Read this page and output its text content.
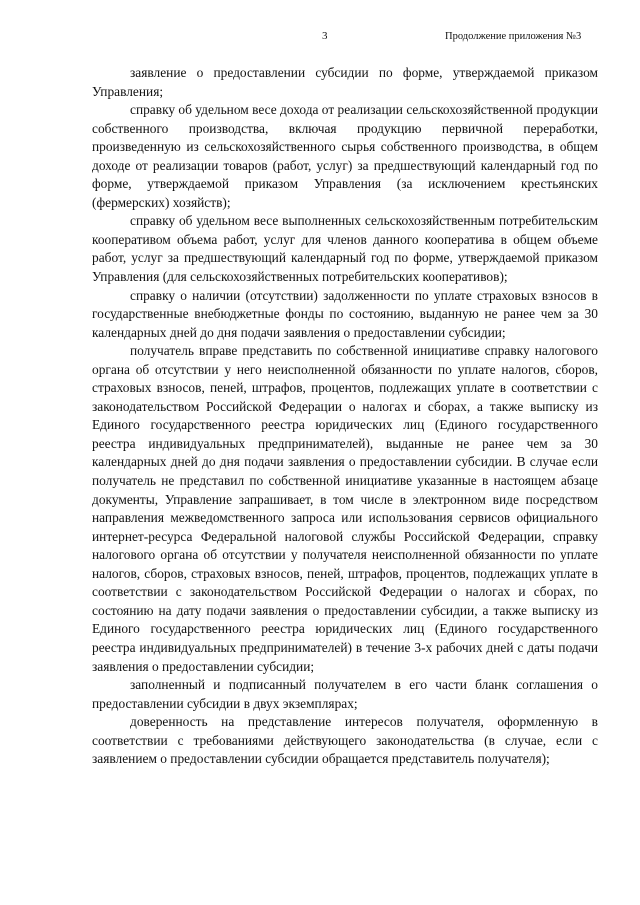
3	Продолжение приложения №3

заявление о предоставлении субсидии по форме, утверждаемой приказом Управления;

справку об удельном весе дохода от реализации сельскохозяйственной продукции собственного производства, включая продукцию первичной переработки, произведенную из сельскохозяйственного сырья собственного производства, в общем доходе от реализации товаров (работ, услуг) за предшествующий календарный год по форме, утверждаемой приказом Управления (за исключением крестьянских (фермерских) хозяйств);

справку об удельном весе выполненных сельскохозяйственным потребительским кооперативом объема работ, услуг для членов данного кооператива в общем объеме работ, услуг за предшествующий календарный год по форме, утверждаемой приказом Управления (для сельскохозяйственных потребительских кооперативов);

справку о наличии (отсутствии) задолженности по уплате страховых взносов в государственные внебюджетные фонды по состоянию, выданную не ранее чем за 30 календарных дней до дня подачи заявления о предоставлении субсидии;

получатель вправе представить по собственной инициативе справку налогового органа об отсутствии у него неисполненной обязанности по уплате налогов, сборов, страховых взносов, пеней, штрафов, процентов, подлежащих уплате в соответствии с законодательством Российской Федерации о налогах и сборах, а также выписку из Единого государственного реестра юридических лиц (Единого государственного реестра индивидуальных предпринимателей), выданные не ранее чем за 30 календарных дней до дня подачи заявления о предоставлении субсидии. В случае если получатель не представил по собственной инициативе указанные в настоящем абзаце документы, Управление запрашивает, в том числе в электронном виде посредством направления межведомственного запроса или использования сервисов официального интернет-ресурса Федеральной налоговой службы Российской Федерации, справку налогового органа об отсутствии у получателя неисполненной обязанности по уплате налогов, сборов, страховых взносов, пеней, штрафов, процентов, подлежащих уплате в соответствии с законодательством Российской Федерации о налогах и сборах, по состоянию на дату подачи заявления о предоставлении субсидии, а также выписку из Единого государственного реестра юридических лиц (Единого государственного реестра индивидуальных предпринимателей) в течение 3-х рабочих дней с даты подачи заявления о предоставлении субсидии;

заполненный и подписанный получателем в его части бланк соглашения о предоставлении субсидии в двух экземплярах;

доверенность на представление интересов получателя, оформленную в соответствии с требованиями действующего законодательства (в случае, если с заявлением о предоставлении субсидии обращается представитель получателя);
